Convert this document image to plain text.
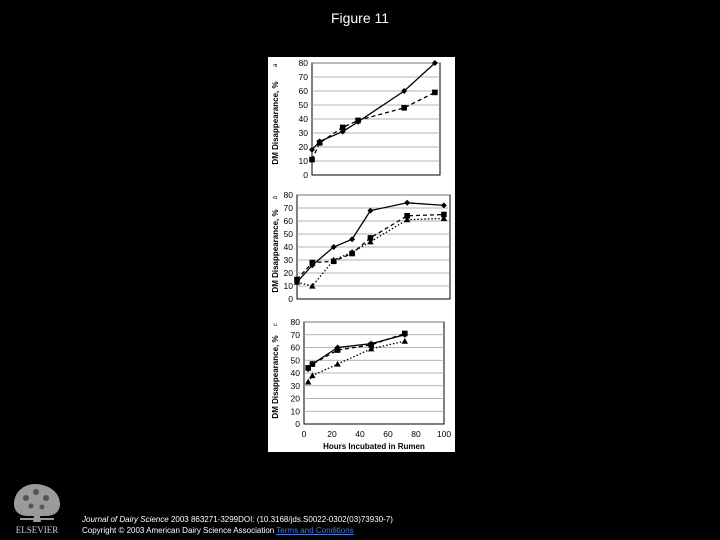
Figure 11
0
10
20
30
40
50
60
70
80
DM Disappearance, %
a
0
10
20
30
40
50
60
70
80
DM Disappearance, %
b
0
10
20
30
40
50
60
70
80
0 20 40 60 80 100
DM Disappearance, %
c
Hours Incubated in Rumen
ELSEVIER
Journal of Dairy Science 2003 863271-3299DOI: (10.3168/jds.S0022-0302(03)73930-7)
Copyright © 2003 American Dairy Science Association Terms and Conditions
